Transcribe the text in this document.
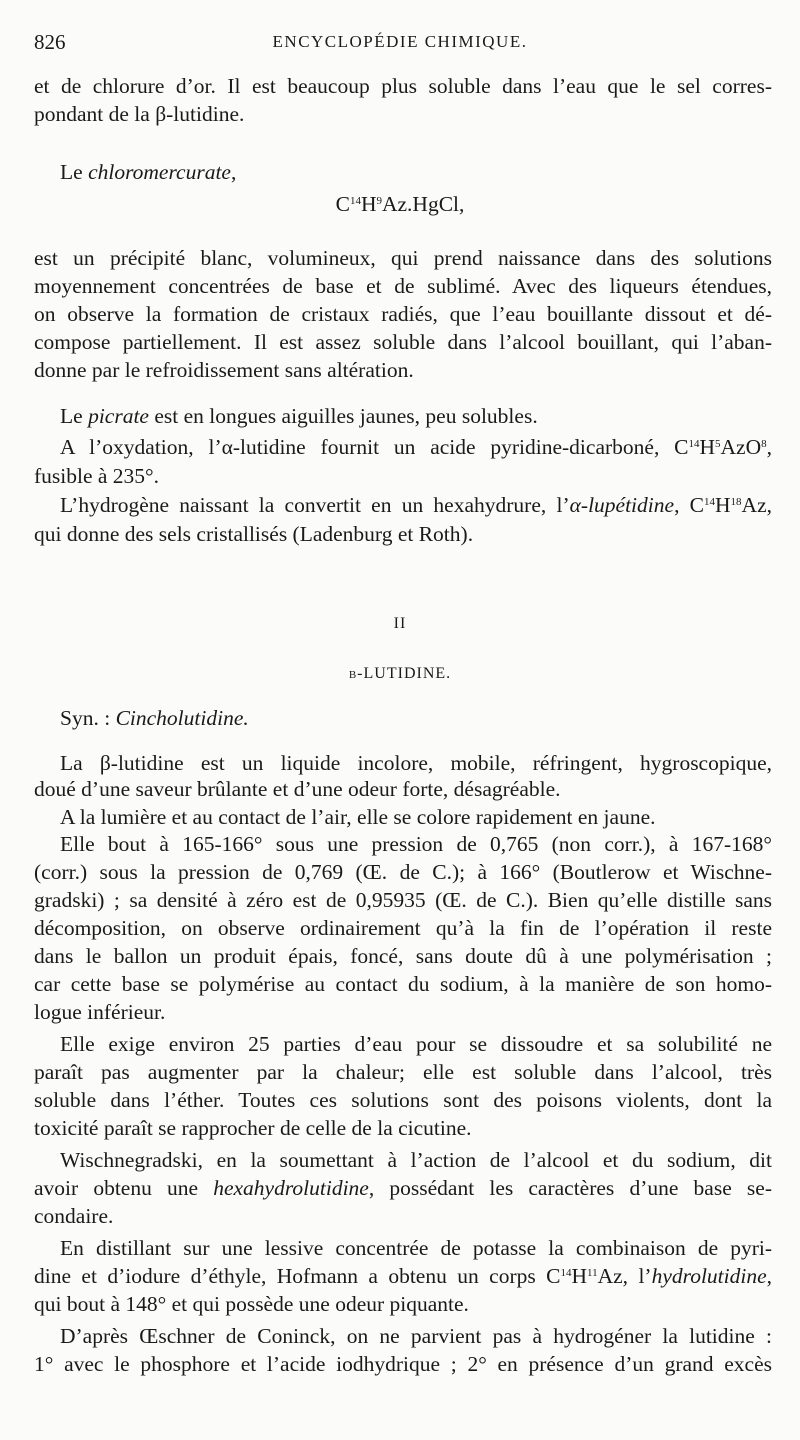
826	ENCYCLOPÉDIE CHIMIQUE.
et de chlorure d’or. Il est beaucoup plus soluble dans l’eau que le sel corres-
pondant de la β-lutidine.
Le chloromercurate,
$C^{14}H^9Az.HgCl$,
est un précipité blanc, volumineux, qui prend naissance dans des solutions
moyennement concentrées de base et de sublimé. Avec des liqueurs étendues,
on observe la formation de cristaux radiés, que l’eau bouillante dissout et dé-
compose partiellement. Il est assez soluble dans l’alcool bouillant, qui l’aban-
donne par le refroidissement sans altération.
Le picrate est en longues aiguilles jaunes, peu solubles.
A l’oxydation, l’α-lutidine fournit un acide pyridine-dicarboné, $C^{14}H^5AzO^8$,
fusible à 235°.
L’hydrogène naissant la convertit en un hexahydrure, l’α-lupétidine, $C^{14}H^{18}Az$,
qui donne des sels cristallisés (Ladenburg et Roth).
II
β-LUTIDINE.
Syn. : Cincholutidine.
La β-lutidine est un liquide incolore, mobile, réfringent, hygroscopique,
doué d’une saveur brûlante et d’une odeur forte, désagréable.
A la lumière et au contact de l’air, elle se colore rapidement en jaune.
Elle bout à 165-166° sous une pression de 0,765 (non corr.), à 167-168°
(corr.) sous la pression de 0,769 (Œ. de C.); à 166° (Boutlerow et Wischne-
gradski) ; sa densité à zéro est de 0,95935 (Œ. de C.). Bien qu’elle distille sans
décomposition, on observe ordinairement qu’à la fin de l’opération il reste
dans le ballon un produit épais, foncé, sans doute dû à une polymérisation ;
car cette base se polymérise au contact du sodium, à la manière de son homo-
logue inférieur.
Elle exige environ 25 parties d’eau pour se dissoudre et sa solubilité ne
paraît pas augmenter par la chaleur; elle est soluble dans l’alcool, très
soluble dans l’éther. Toutes ces solutions sont des poisons violents, dont la
toxicité paraît se rapprocher de celle de la cicutine.
Wischnegradski, en la soumettant à l’action de l’alcool et du sodium, dit
avoir obtenu une hexahydrolutidine, possédant les caractères d’une base se-
condaire.
En distillant sur une lessive concentrée de potasse la combinaison de pyri-
dine et d’iodure d’éthyle, Hofmann a obtenu un corps $C^{14}H^{11}Az$, l’hydrolutidine,
qui bout à 148° et qui possède une odeur piquante.
D’après Œschner de Coninck, on ne parvient pas à hydrogéner la lutidine :
1° avec le phosphore et l’acide iodhydrique ; 2° en présence d’un grand excès
